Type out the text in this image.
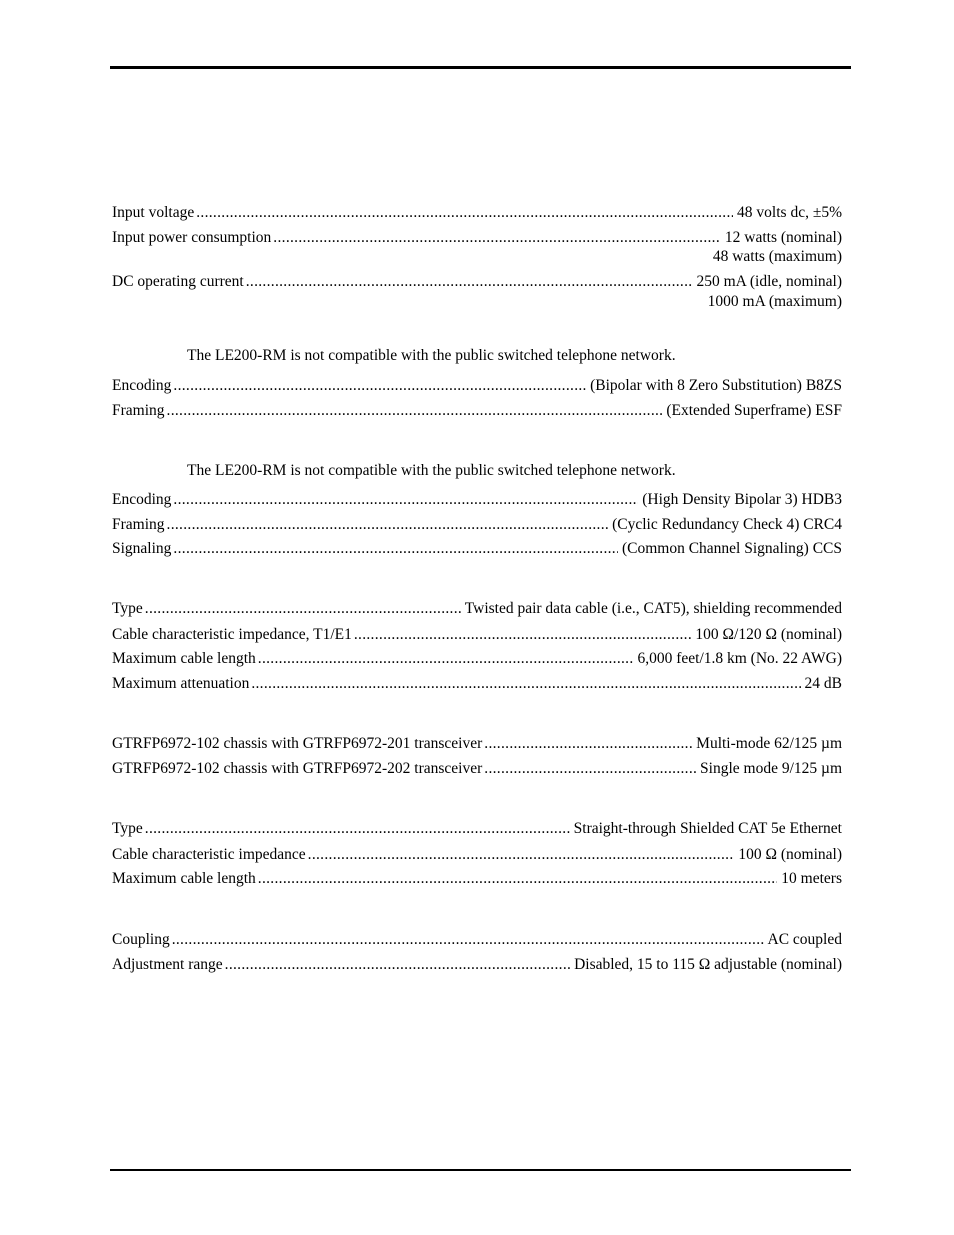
Input voltage .....	48 volts dc, ±5%
Input power consumption .....	12 watts (nominal)
48 watts (maximum)
DC operating current .....	250 mA (idle, nominal)
1000 mA (maximum)
The LE200-RM is not compatible with the public switched telephone network.
Encoding .....	(Bipolar with 8 Zero Substitution) B8ZS
Framing .....	(Extended Superframe) ESF
The LE200-RM is not compatible with the public switched telephone network.
Encoding .....	(High Density Bipolar 3) HDB3
Framing .....	(Cyclic Redundancy Check 4) CRC4
Signaling .....	(Common Channel Signaling) CCS
Type .....	Twisted pair data cable (i.e., CAT5), shielding recommended
Cable characteristic impedance, T1/E1 .....	100 Ω/120 Ω (nominal)
Maximum cable length .....	6,000 feet/1.8 km (No. 22 AWG)
Maximum attenuation .....	24 dB
GTRFP6972-102 chassis with GTRFP6972-201 transceiver .....	Multi-mode 62/125 µm
GTRFP6972-102 chassis with GTRFP6972-202 transceiver .....	Single mode 9/125 µm
Type .....	Straight-through Shielded CAT 5e Ethernet
Cable characteristic impedance .....	100 Ω (nominal)
Maximum cable length .....	10 meters
Coupling .....	AC coupled
Adjustment range .....	Disabled, 15 to 115 Ω adjustable (nominal)
